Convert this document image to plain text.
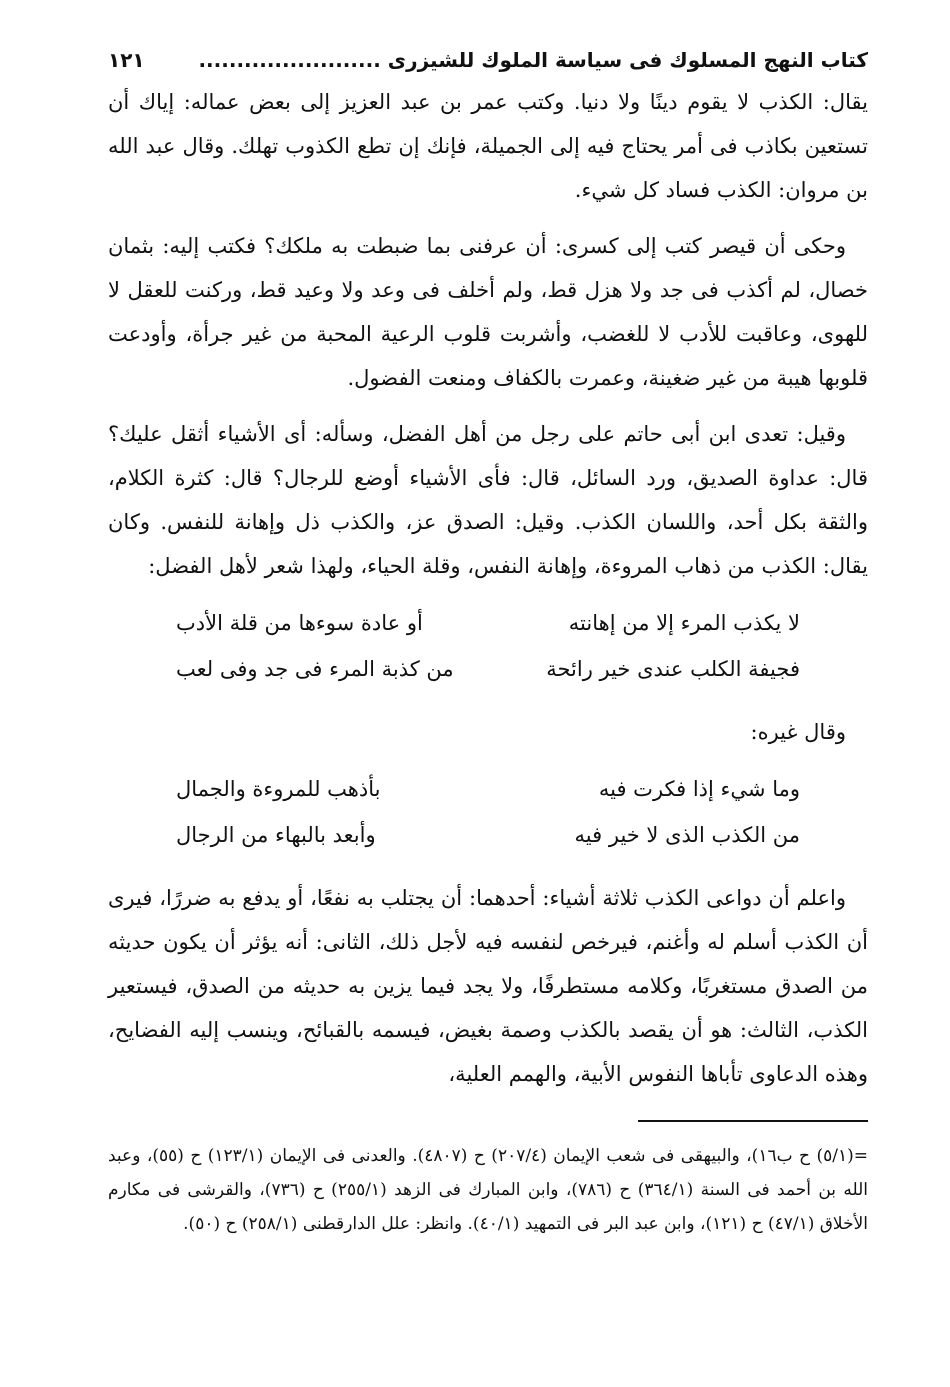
كتاب النهج المسلوك فى سياسة الملوك للشيزرى ........................
١٢١

يقال: الكذب لا يقوم دينًا ولا دنيا. وكتب عمر بن عبد العزيز إلى بعض عماله: إياك أن تستعين بكاذب فى أمر يحتاج فيه إلى الجميلة، فإنك إن تطع الكذوب تهلك. وقال عبد الله بن مروان: الكذب فساد كل شيء.

وحكى أن قيصر كتب إلى كسرى: أن عرفنى بما ضبطت به ملكك؟ فكتب إليه: بثمان خصال، لم أكذب فى جد ولا هزل قط، ولم أخلف فى وعد ولا وعيد قط، وركنت للعقل لا للهوى، وعاقبت للأدب لا للغضب، وأشربت قلوب الرعية المحبة من غير جرأة، وأودعت قلوبها هيبة من غير ضغينة، وعمرت بالكفاف ومنعت الفضول.

وقيل: تعدى ابن أبى حاتم على رجل من أهل الفضل، وسأله: أى الأشياء أثقل عليك؟ قال: عداوة الصديق، ورد السائل، قال: فأى الأشياء أوضع للرجال؟ قال: كثرة الكلام، والثقة بكل أحد، واللسان الكذب. وقيل: الصدق عز، والكذب ذل وإهانة للنفس. وكان يقال: الكذب من ذهاب المروءة، وإهانة النفس، وقلة الحياء، ولهذا شعر لأهل الفضل:

لا يكذب المرء إلا من إهانته
أو عادة سوءها من قلة الأدب
فجيفة الكلب عندى خير رائحة
من كذبة المرء فى جد وفى لعب

وقال غيره:

وما شيء إذا فكرت فيه
بأذهب للمروءة والجمال
من الكذب الذى لا خير فيه
وأبعد بالبهاء من الرجال

واعلم أن دواعى الكذب ثلاثة أشياء: أحدهما: أن يجتلب به نفعًا، أو يدفع به ضررًا، فيرى أن الكذب أسلم له وأغنم، فيرخص لنفسه فيه لأجل ذلك، الثانى: أنه يؤثر أن يكون حديثه من الصدق مستغربًا، وكلامه مستطرفًا، ولا يجد فيما يزين به حديثه من الصدق، فيستعير الكذب، الثالث: هو أن يقصد بالكذب وصمة بغيض، فيسمه بالقبائح، وينسب إليه الفضايح، وهذه الدعاوى تأباها النفوس الأبية، والهمم العلية،

=(٥/١) ح ب١٦)، والبيهقى فى شعب الإيمان (٢٠٧/٤) ح (٤٨٠٧). والعدنى فى الإيمان (١٢٣/١) ح (٥٥)، وعبد الله بن أحمد فى السنة (٣٦٤/١) ح (٧٨٦)، وابن المبارك فى الزهد (٢٥٥/١) ح (٧٣٦)، والقرشى فى مكارم الأخلاق (٤٧/١) ح (١٢١)، وابن عبد البر فى التمهيد (٤٠/١). وانظر: علل الدارقطنى (٢٥٨/١) ح (٥٠).
